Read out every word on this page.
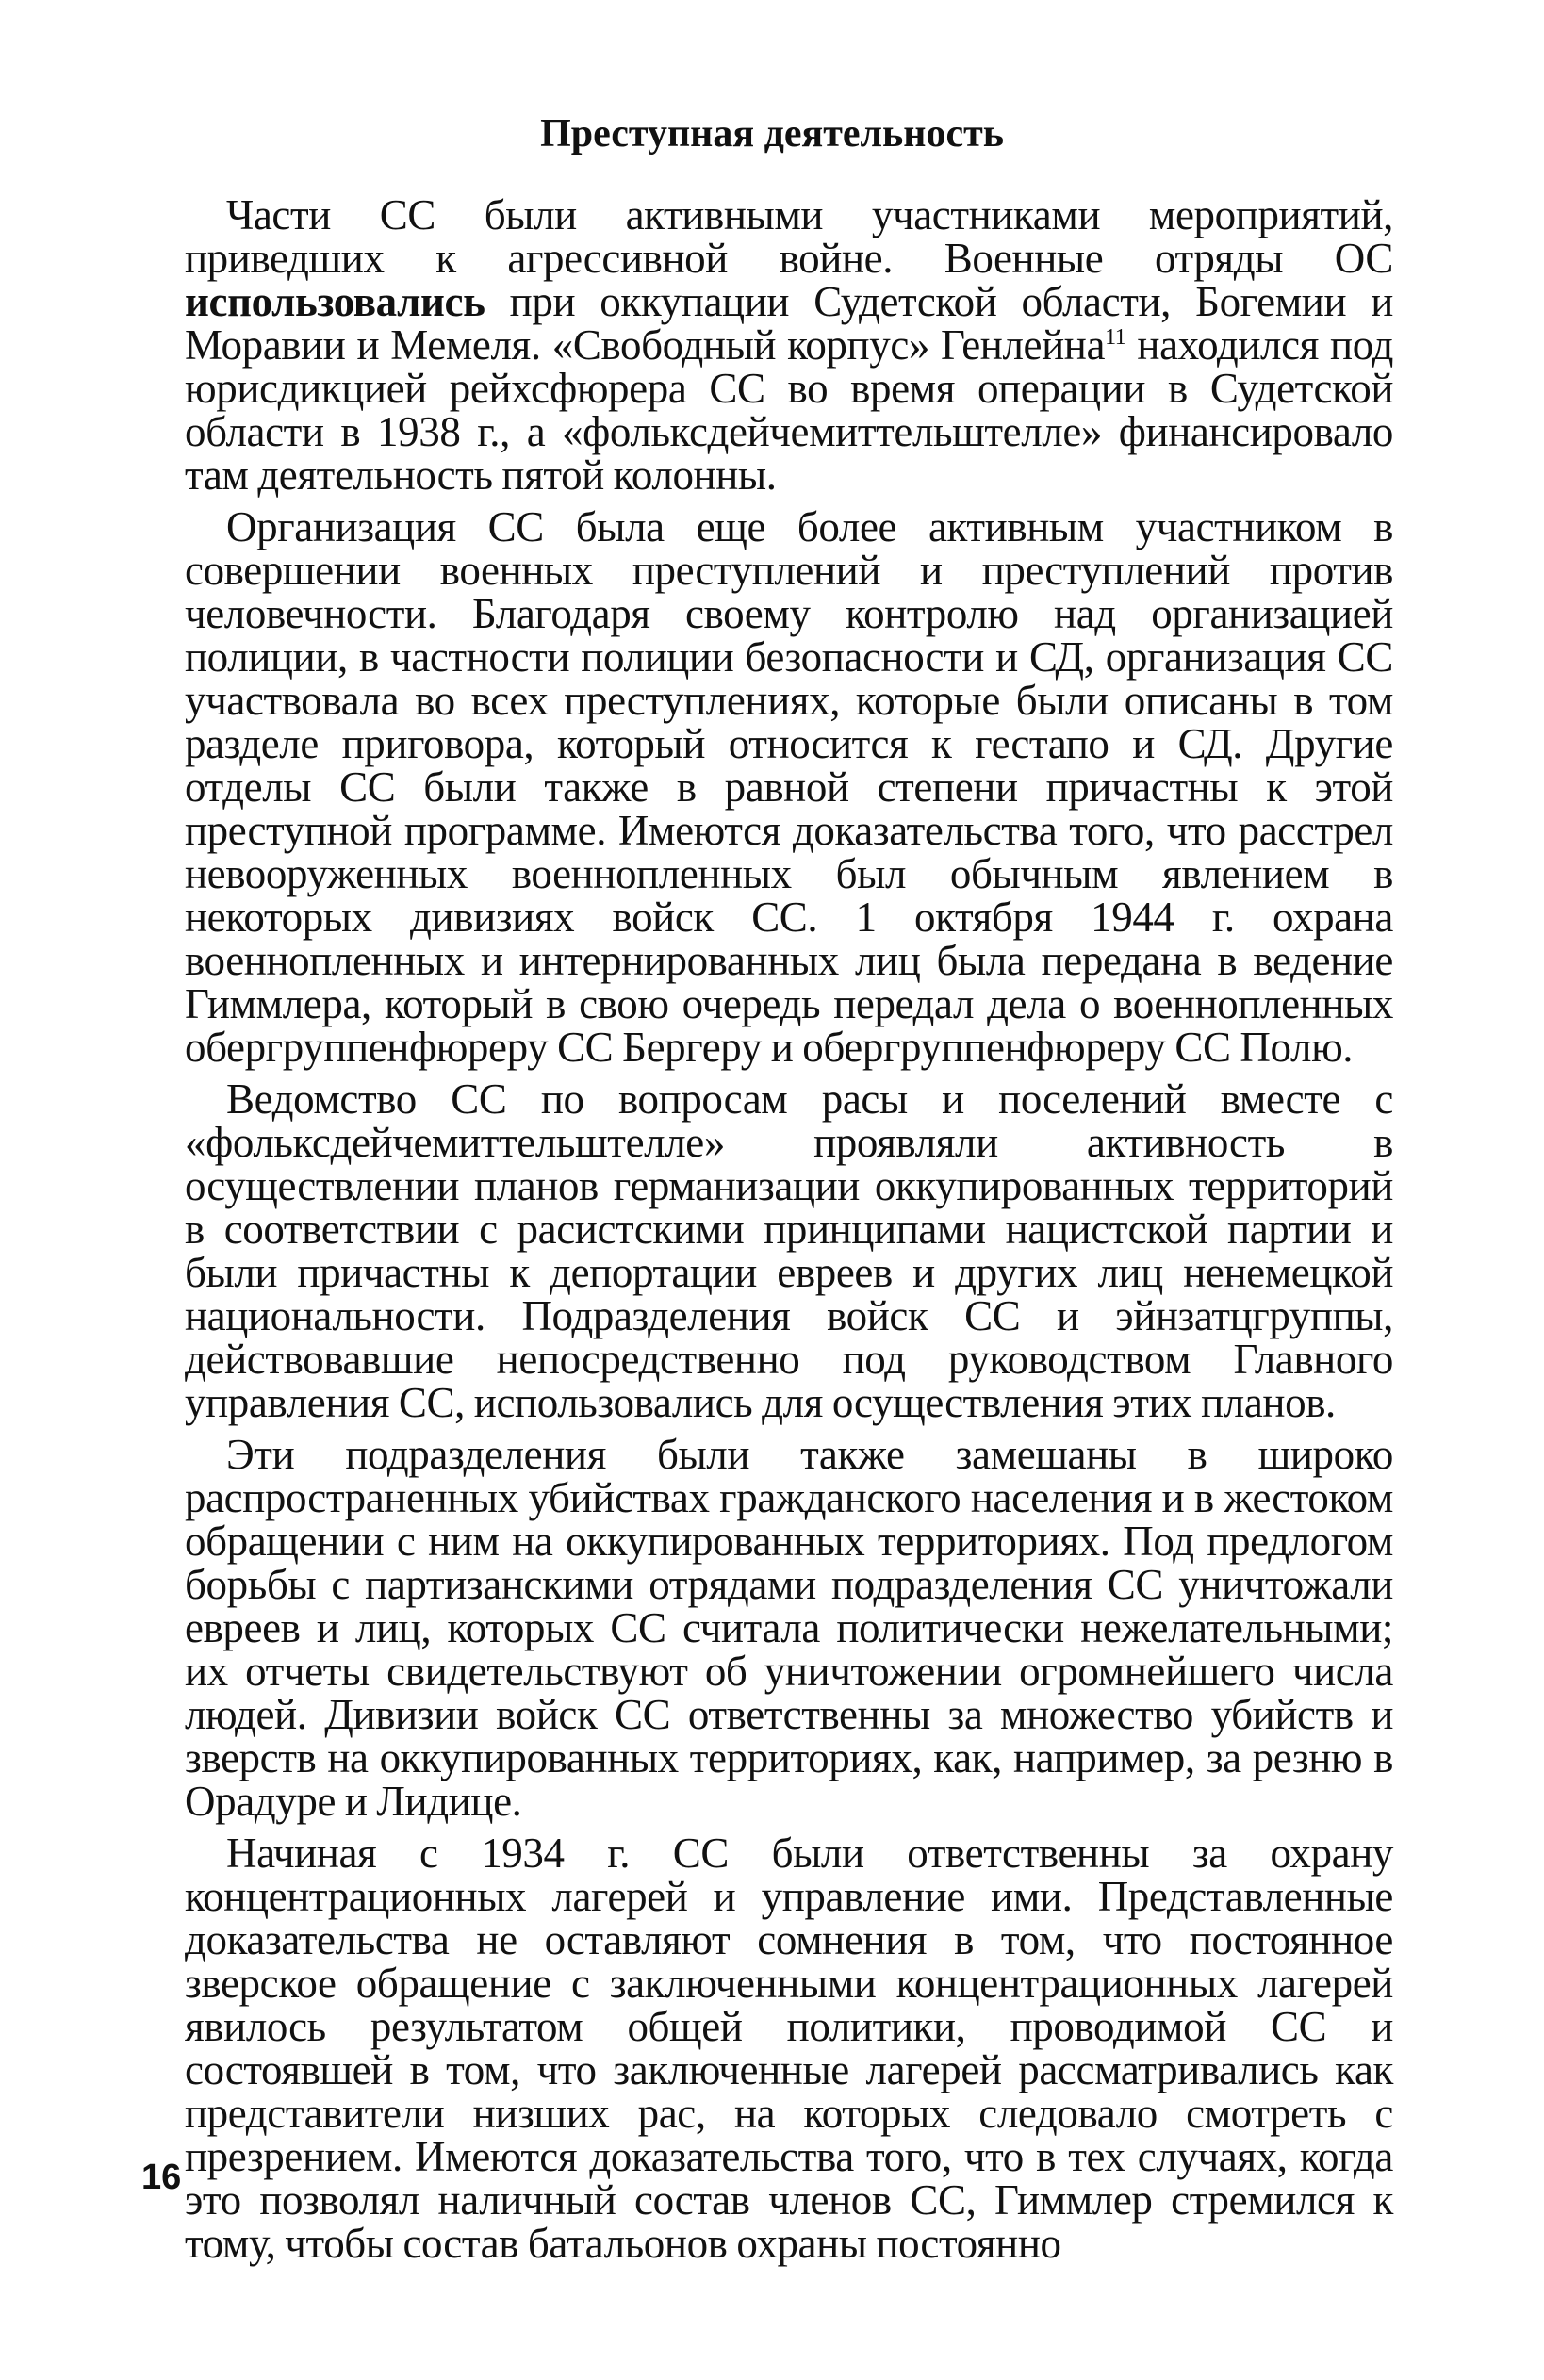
Преступная деятельность

Части СС были активными участниками мероприятий, приведших к агрессивной войне. Военные отряды ОС использовались при оккупации Судетской области, Богемии и Моравии и Мемеля. «Свободный корпус» Генлейна$^{11}$ находился под юрисдикцией рейхсфюрера СС во время операции в Судетской области в 1938 г., а «фольксдейчемиттельштелле» финансировало там деятельность пятой колонны.

Организация СС была еще более активным участником в совершении военных преступлений и преступлений против человечности. Благодаря своему контролю над организацией полиции, в частности полиции безопасности и СД, организация СС участвовала во всех преступлениях, которые были описаны в том разделе приговора, который относится к гестапо и СД. Другие отделы СС были также в равной степени причастны к этой преступной программе. Имеются доказательства того, что расстрел невооруженных военнопленных был обычным явлением в некоторых дивизиях войск СС. 1 октября 1944 г. охрана военнопленных и интернированных лиц была передана в ведение Гиммлера, который в свою очередь передал дела о военнопленных обергруппенфюреру СС Бергеру и обергруппенфюреру СС Полю.

Ведомство СС по вопросам расы и поселений вместе с «фольксдейчемиттельштелле» проявляли активность в осуществлении планов германизации оккупированных территорий в соответствии с расистскими принципами нацистской партии и были причастны к депортации евреев и других лиц ненемецкой национальности. Подразделения войск СС и эйнзатцгруппы, действовавшие непосредственно под руководством Главного управления СС, использовались для осуществления этих планов.

Эти подразделения были также замешаны в широко распространенных убийствах гражданского населения и в жестоком обращении с ним на оккупированных территориях. Под предлогом борьбы с партизанскими отрядами подразделения СС уничтожали евреев и лиц, которых СС считала политически нежелательными; их отчеты свидетельствуют об уничтожении огромнейшего числа людей. Дивизии войск СС ответственны за множество убийств и зверств на оккупированных территориях, как, например, за резню в Орадуре и Лидице.

Начиная с 1934 г. СС были ответственны за охрану концентрационных лагерей и управление ими. Представленные доказательства не оставляют сомнения в том, что постоянное зверское обращение с заключенными концентрационных лагерей явилось результатом общей политики, проводимой СС и состоявшей в том, что заключенные лагерей рассматривались как представители низших рас, на которых следовало смотреть с презрением. Имеются доказательства того, что в тех случаях, когда это позволял наличный состав членов СС, Гиммлер стремился к тому, чтобы состав батальонов охраны постоянно

16
